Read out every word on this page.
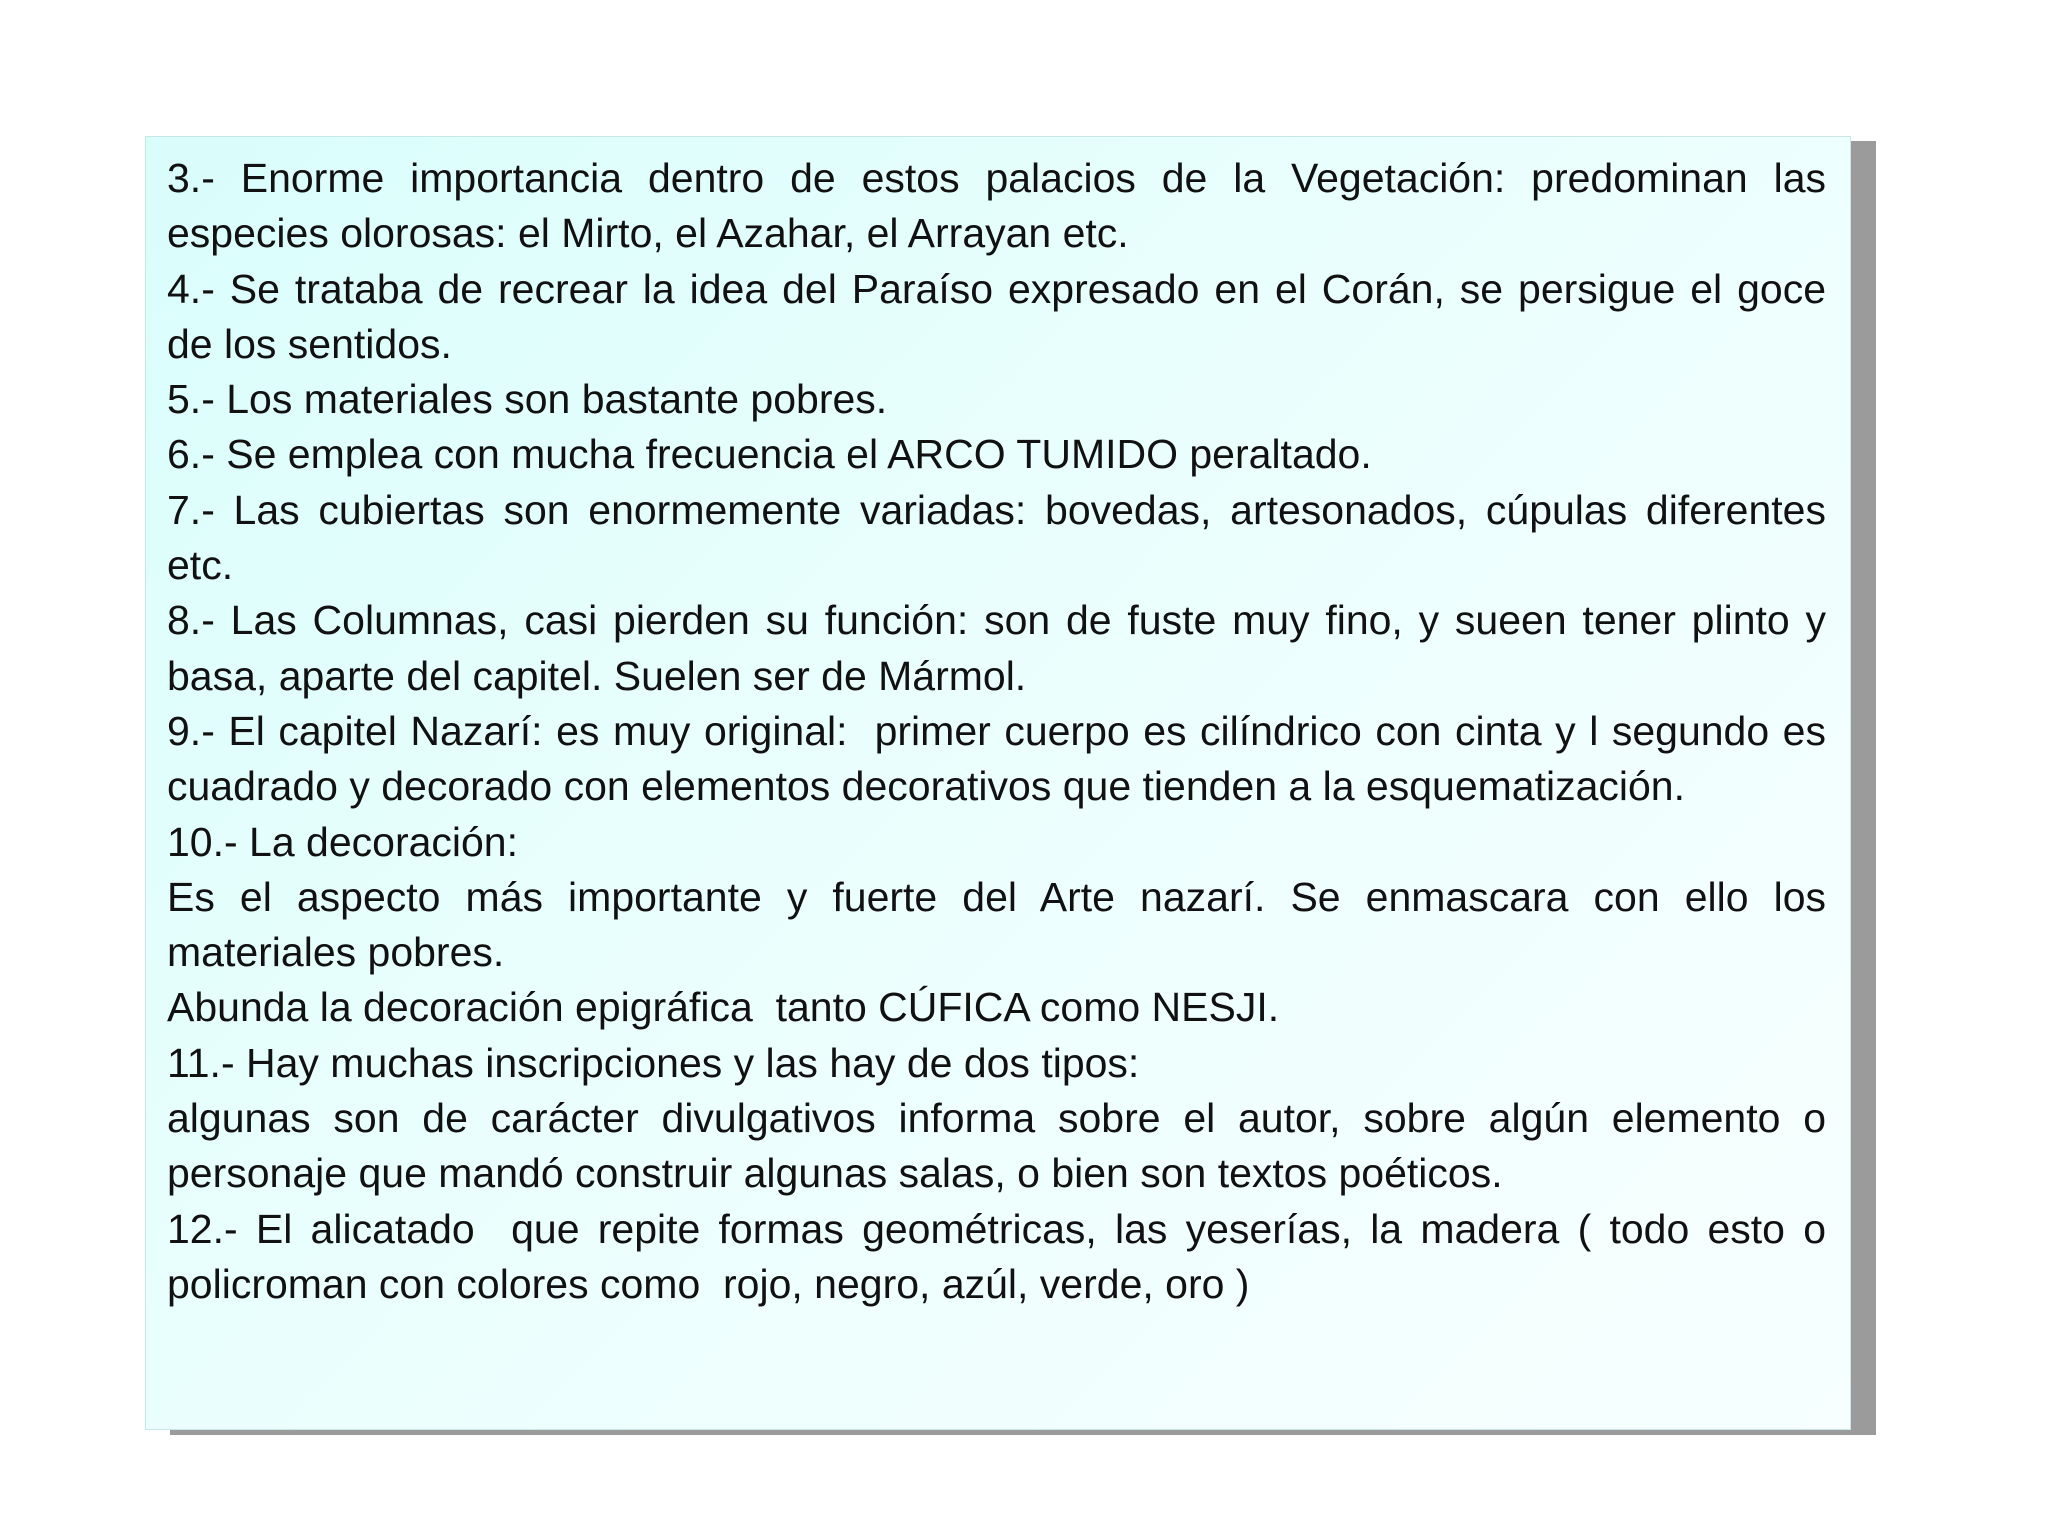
3.- Enorme importancia dentro de estos palacios de la Vegetación: predominan las especies olorosas: el Mirto, el Azahar, el Arrayan etc.

4.- Se trataba de recrear la idea del Paraíso expresado en el Corán, se persigue el goce de los sentidos.

5.- Los materiales son bastante pobres.

6.- Se emplea con mucha frecuencia el ARCO TUMIDO peraltado.

7.- Las cubiertas son enormemente variadas: bovedas, artesonados, cúpulas diferentes etc.

8.- Las Columnas, casi pierden su función: son de fuste muy fino, y sueen tener plinto y basa, aparte del capitel. Suelen ser de Mármol.

9.- El capitel Nazarí: es muy original:  primer cuerpo es cilíndrico con cinta y l segundo es cuadrado y decorado con elementos decorativos que tienden a la esquematización.

10.- La decoración:

Es el aspecto más importante y fuerte del Arte nazarí. Se enmascara con ello los materiales pobres.

Abunda la decoración epigráfica  tanto CÚFICA como NESJI.

11.- Hay muchas inscripciones y las hay de dos tipos:

algunas son de carácter divulgativos informa sobre el autor, sobre algún elemento o personaje que mandó construir algunas salas, o bien son textos poéticos.

12.- El alicatado  que repite formas geométricas, las yeserías, la madera ( todo esto o policroman con colores como  rojo, negro, azúl, verde, oro )
